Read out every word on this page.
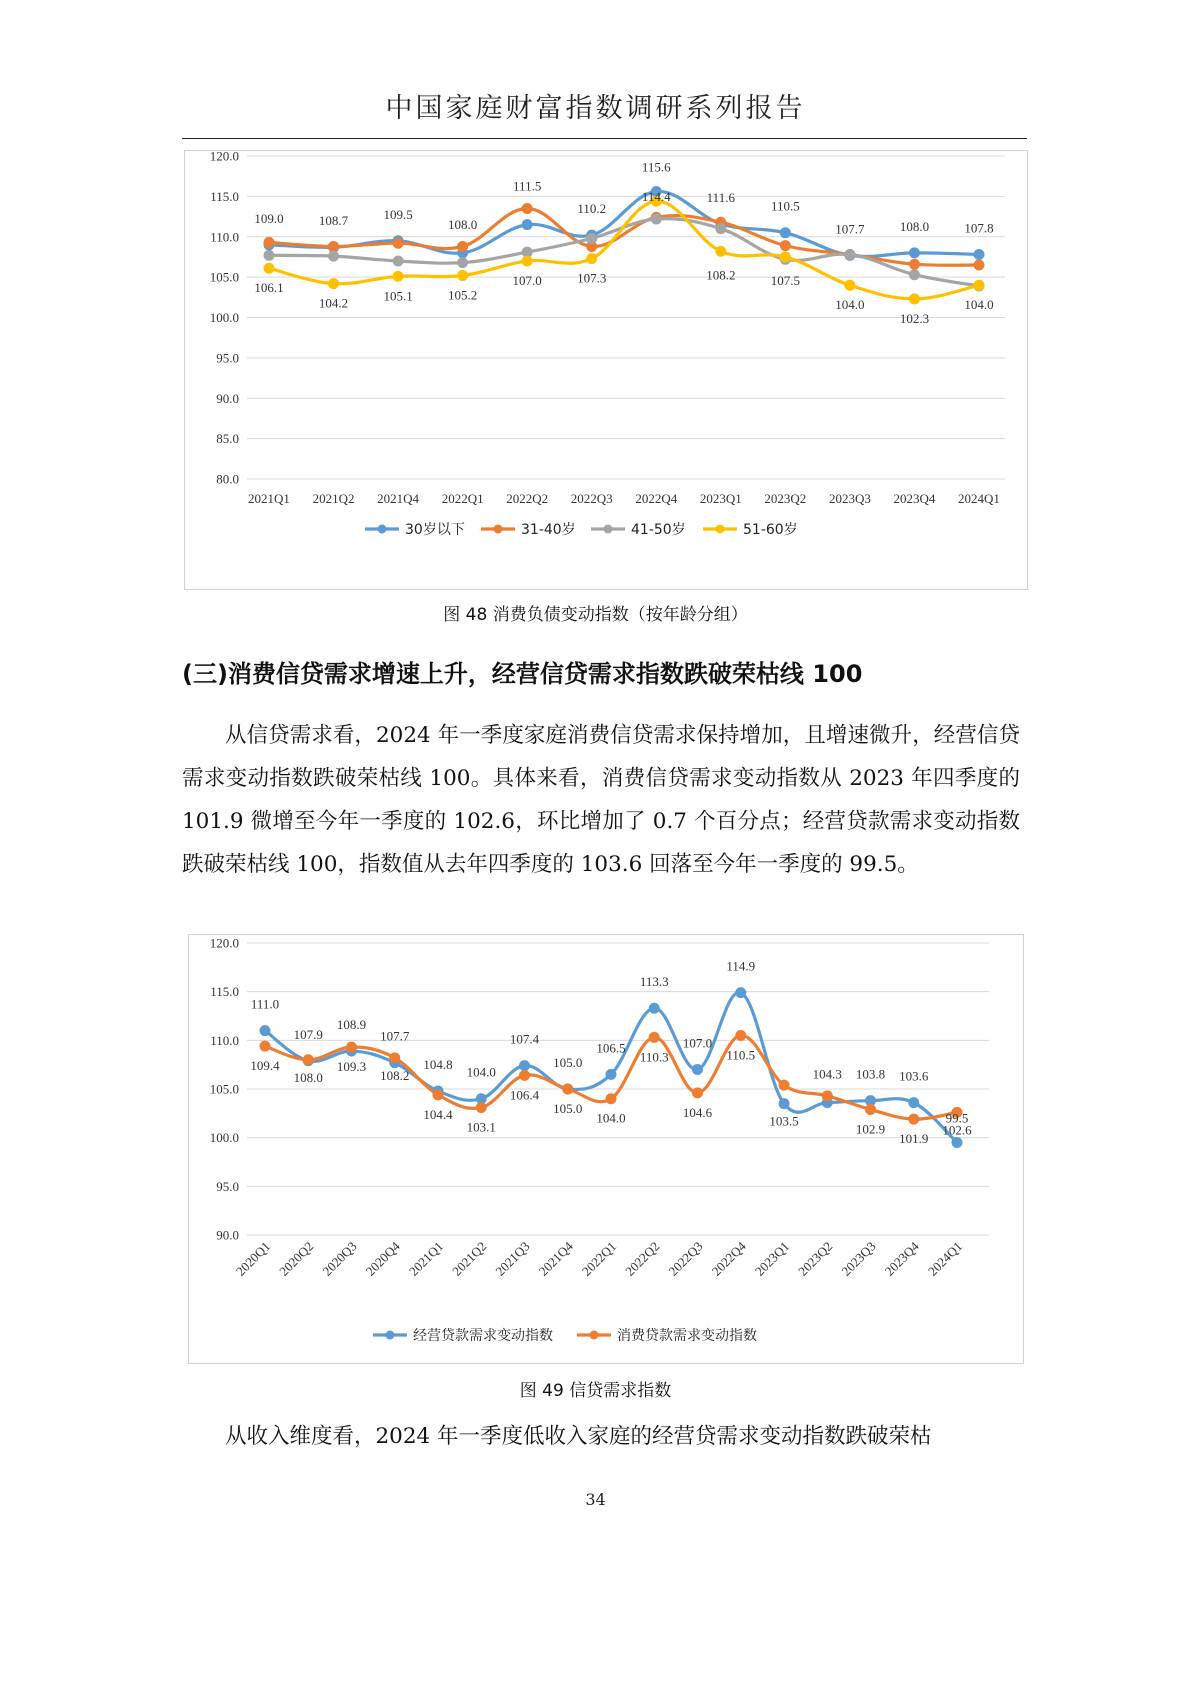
中国家庭财富指数调研系列报告
80.0
85.0
90.0
95.0
100.0
105.0
110.0
115.0
120.0
2021Q1 2021Q2 2021Q4 2022Q1 2022Q2 2022Q3 2022Q4 2023Q1 2023Q2 2023Q3 2023Q4 2024Q1
109.0	108.7	109.5
108.0
110.2
115.6
111.6
110.5
107.7	108.0	107.8
111.5
106.1
104.2	105.1	105.2
107.0	107.3
114.4
108.2	107.5
104.0
102.3
104.0
30岁以下	31-40岁	41-50岁	51-60岁
图 48 消费负债变动指数（按年龄分组）
(三)消费信贷需求增速上升，经营信贷需求指数跌破荣枯线 100

从信贷需求看，2024 年一季度家庭消费信贷需求保持增加，且增速微升，经营信贷需求变动指数跌破荣枯线 100。具体来看，消费信贷需求变动指数从 2023 年四季度的 101.9 微增至今年一季度的 102.6，环比增加了 0.7 个百分点；经营贷款需求变动指数跌破荣枯线 100，指数值从去年四季度的 103.6 回落至今年一季度的 99.5。

90.0
95.0
100.0
105.0
110.0
115.0
120.0
2020Q1 2020Q2 2020Q3 2020Q4 2021Q1 2021Q2 2021Q3 2021Q4 2022Q1 2022Q2 2022Q3 2022Q4 2023Q1 2023Q2 2023Q3 2023Q4 2024Q1
111.0
107.9
108.9
107.7
104.8
104.0
107.4
105.0
106.5
113.3
107.0
114.9
103.5
104.3 103.8 103.6
99.5
109.4
108.0
109.3
108.2
104.4
103.1
106.4
105.0
104.0
110.3
104.6
110.5
102.9
101.9
102.6
经营贷款需求变动指数	消费贷款需求变动指数
图 49 信贷需求指数

从收入维度看，2024 年一季度低收入家庭的经营贷需求变动指数跌破荣枯

34
